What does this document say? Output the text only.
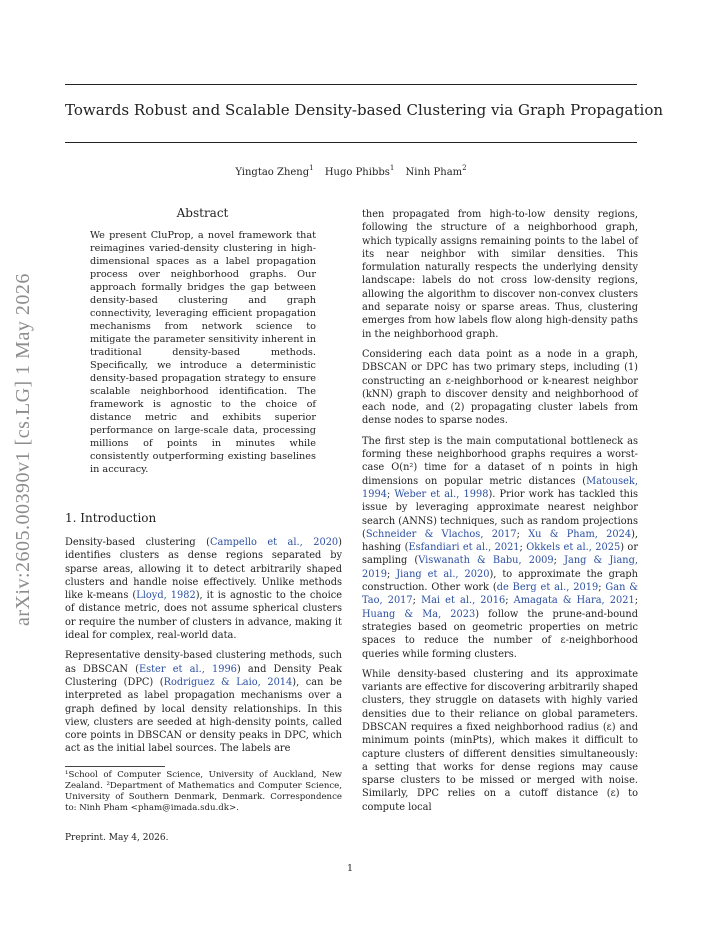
Towards Robust and Scalable Density-based Clustering via Graph Propagation
Yingtao Zheng$^1$ Hugo Phibbs$^1$ Ninh Pham$^2$
arXiv:2605.00390v1 [cs.LG] 1 May 2026
Abstract
We present CluProp, a novel framework that reimagines varied-density clustering in high-dimensional spaces as a label propagation process over neighborhood graphs. Our approach formally bridges the gap between density-based clustering and graph connectivity, leveraging efficient propagation mechanisms from network science to mitigate the parameter sensitivity inherent in traditional density-based methods. Specifically, we introduce a deterministic density-based propagation strategy to ensure scalable neighborhood identification. The framework is agnostic to the choice of distance metric and exhibits superior performance on large-scale data, processing millions of points in minutes while consistently outperforming existing baselines in accuracy.
1. Introduction

Density-based clustering (Campello et al., 2020) identifies clusters as dense regions separated by sparse areas, allowing it to detect arbitrarily shaped clusters and handle noise effectively. Unlike methods like k-means (Lloyd, 1982), it is agnostic to the choice of distance metric, does not assume spherical clusters or require the number of clusters in advance, making it ideal for complex, real-world data.

Representative density-based clustering methods, such as DBSCAN (Ester et al., 1996) and Density Peak Clustering (DPC) (Rodriguez & Laio, 2014), can be interpreted as label propagation mechanisms over a graph defined by local density relationships. In this view, clusters are seeded at high-density points, called core points in DBSCAN or density peaks in DPC, which act as the initial label sources. The labels are

then propagated from high-to-low density regions, following the structure of a neighborhood graph, which typically assigns remaining points to the label of its near neighbor with similar densities. This formulation naturally respects the underlying density landscape: labels do not cross low-density regions, allowing the algorithm to discover non-convex clusters and separate noisy or sparse areas. Thus, clustering emerges from how labels flow along high-density paths in the neighborhood graph.

Considering each data point as a node in a graph, DBSCAN or DPC has two primary steps, including (1) constructing an ε-neighborhood or k-nearest neighbor (kNN) graph to discover density and neighborhood of each node, and (2) propagating cluster labels from dense nodes to sparse nodes.

The first step is the main computational bottleneck as forming these neighborhood graphs requires a worst-case O(n²) time for a dataset of n points in high dimensions on popular metric distances (Matousek, 1994; Weber et al., 1998). Prior work has tackled this issue by leveraging approximate nearest neighbor search (ANNS) techniques, such as random projections (Schneider & Vlachos, 2017; Xu & Pham, 2024), hashing (Esfandiari et al., 2021; Okkels et al., 2025) or sampling (Viswanath & Babu, 2009; Jang & Jiang, 2019; Jiang et al., 2020), to approximate the graph construction. Other work (de Berg et al., 2019; Gan & Tao, 2017; Mai et al., 2016; Amagata & Hara, 2021; Huang & Ma, 2023) follow the prune-and-bound strategies based on geometric properties on metric spaces to reduce the number of ε-neighborhood queries while forming clusters.

While density-based clustering and its approximate variants are effective for discovering arbitrarily shaped clusters, they struggle on datasets with highly varied densities due to their reliance on global parameters. DBSCAN requires a fixed neighborhood radius (ε) and minimum points (minPts), which makes it difficult to capture clusters of different densities simultaneously: a setting that works for dense regions may cause sparse clusters to be missed or merged with noise. Similarly, DPC relies on a cutoff distance (ε) to compute local

¹School of Computer Science, University of Auckland, New Zealand. ²Department of Mathematics and Computer Science, University of Southern Denmark, Denmark. Correspondence to: Ninh Pham <pham@imada.sdu.dk>.
Preprint. May 4, 2026.
1
